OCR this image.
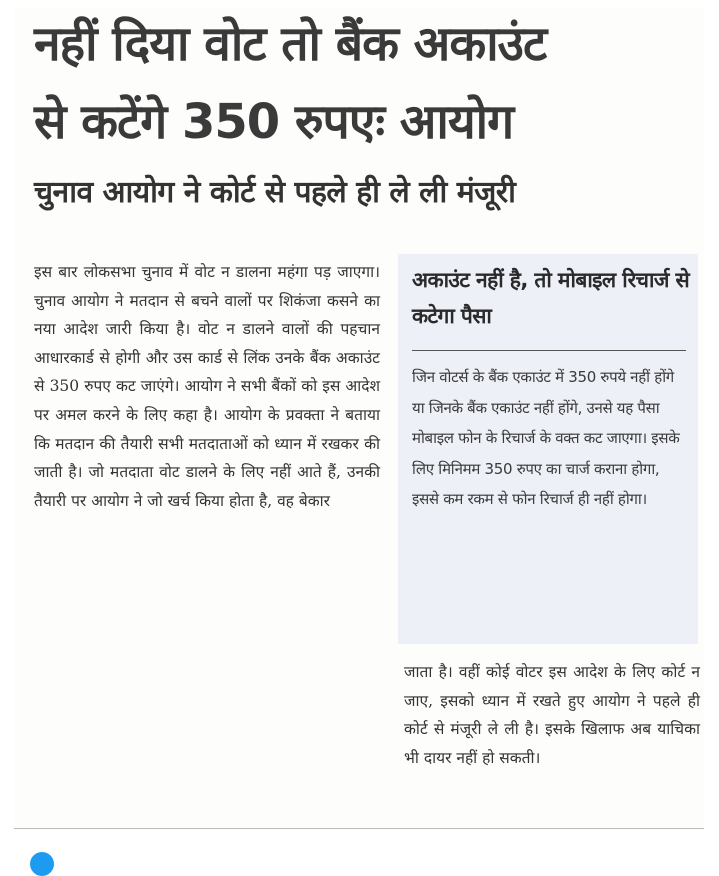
नहीं दिया वोट तो बैंक अकाउंट
से कटेंगे 350 रुपएः आयोग
चुनाव आयोग ने कोर्ट से पहले ही ले ली मंजूरी

इस बार लोकसभा चुनाव में वोट न डालना महंगा पड़ जाएगा। चुनाव आयोग ने मतदान से बचने वालों पर शिकंजा कसने का नया आदेश जारी किया है। वोट न डालने वालों की पहचान आधारकार्ड से होगी और उस कार्ड से लिंक उनके बैंक अकाउंट से 350 रुपए कट जाएंगे। आयोग ने सभी बैंकों को इस आदेश पर अमल करने के लिए कहा है। आयोग के प्रवक्ता ने बताया कि मतदान की तैयारी सभी मतदाताओं को ध्यान में रखकर की जाती है। जो मतदाता वोट डालने के लिए नहीं आते हैं, उनकी तैयारी पर आयोग ने जो खर्च किया होता है, वह बेकार

अकाउंट नहीं है, तो मोबाइल रिचार्ज से कटेगा पैसा

जिन वोटर्स के बैंक एकाउंट में 350 रुपये नहीं होंगे या जिनके बैंक एकाउंट नहीं होंगे, उनसे यह पैसा मोबाइल फोन के रिचार्ज के वक्त कट जाएगा। इसके लिए मिनिमम 350 रुपए का चार्ज कराना होगा, इससे कम रकम से फोन रिचार्ज ही नहीं होगा।

जाता है। वहीं कोई वोटर इस आदेश के लिए कोर्ट न जाए, इसको ध्यान में रखते हुए आयोग ने पहले ही कोर्ट से मंजूरी ले ली है। इसके खिलाफ अब याचिका भी दायर नहीं हो सकती।
